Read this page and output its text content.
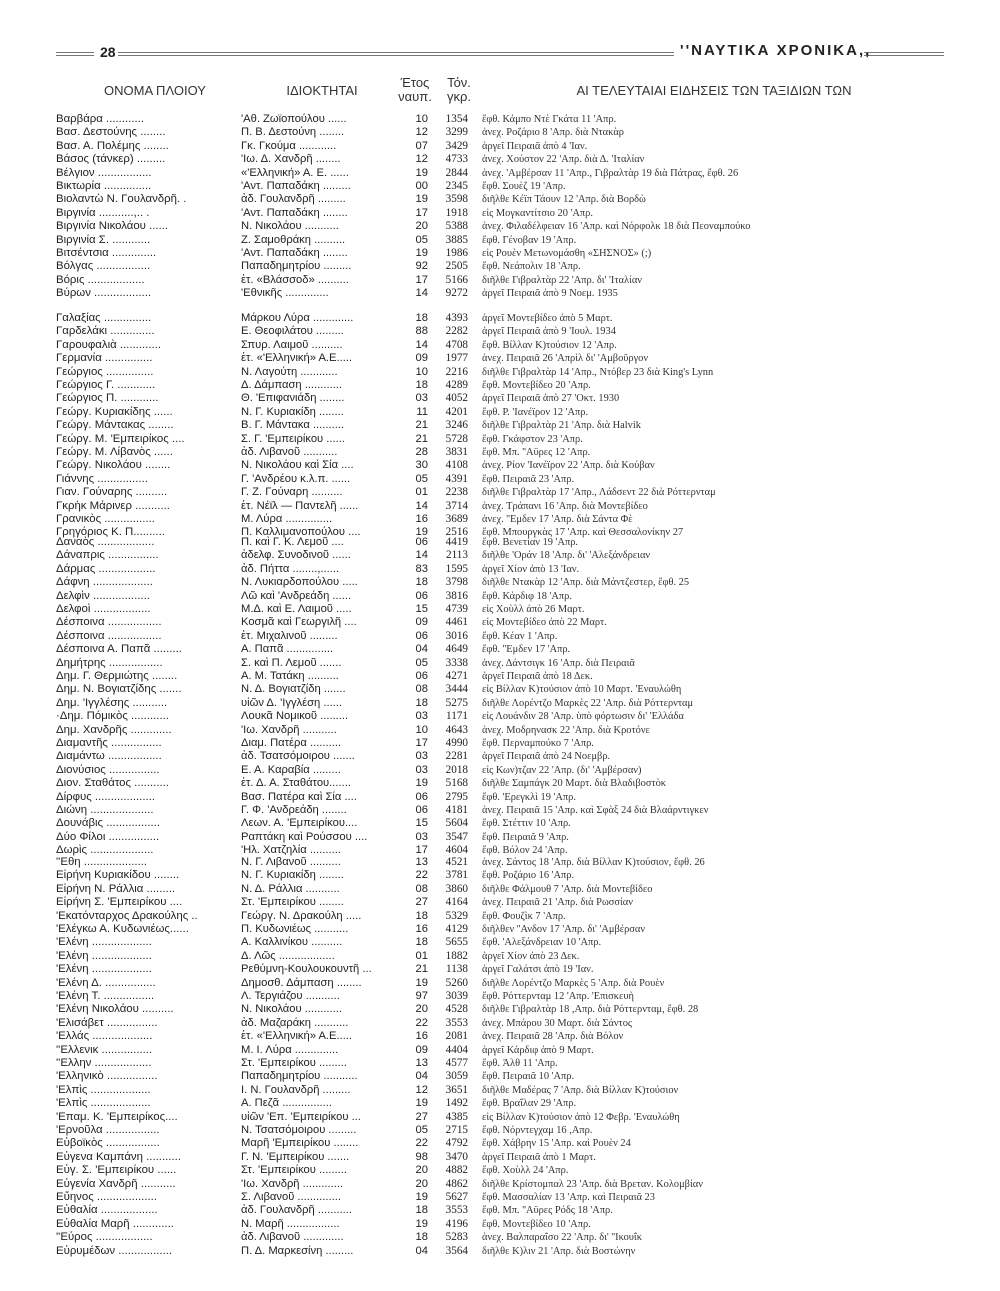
28	''ΝΑΥΤΙΚΑ ΧΡΟΝΙΚΑ,,
ΟΝΟΜΑ ΠΛΟΙΟΥ	ΙΔΙΟΚΤΗΤΑΙ
Έτος
ναυπ.
Τόν.
γκρ.	ΑΙ ΤΕΛΕΥΤΑΙΑΙ ΕΙΔΗΣΕΙΣ ΤΩΝ ΤΑΞΙΔΙΩΝ ΤΩΝ
Βαρβάρα ............	'Αθ. Ζωϊοπούλου ......	10	1354 ἔφθ. Κάμπο Ντὲ Γκάτα 11 'Απρ.
Βασ. Δεστούνης ........	Π. Β. Δεστούνη ........	12	3299 ἀνεχ. Ροζάριο 8 'Απρ. διὰ Ντακὰρ
Βασ. Α. Πολέμης ........	Γκ. Γκούμα ............	07	3429 ἀργεῖ Πειραιᾶ ἀπὸ 4 'Ιαν.
Βάσος (τάνκερ) .........	'Ιω. Δ. Χανδρῆ ........	12	4733 ἀνεχ. Χούστον 22 'Απρ. διὰ Δ. 'Ιταλίαν
Βέλγιον .................	«'Ελληνική» Α. Ε. ......	19	2844 ἀνεχ. 'Αμβέρσαν 11 'Απρ., Γιβραλτὰρ 19 διὰ Πάτρας, ἔφθ. 26
Βικτωρία ...............	'Αντ. Παπαδάκη .........	00	2345 ἔφθ. Σουὲζ 19 'Απρ.
Βιολαντὼ Ν. Γουλανδρῆ. .	ἀδ. Γουλανδρῆ .........	19	3598 διῆλθε Κέϊπ Τάουν 12 'Απρ. διὰ Βορδὼ
Βιργινία ...........,.. .	'Αντ. Παπαδάκη ........	17	1918 εἰς Μογκαντίτσιο 20 'Απρ.
Βιργινία Νικολάου ......	Ν. Νικολάου ...........	20	5388 ἀνεχ. Φιλαδέλφειαν 16 'Απρ. καὶ Νόρφολκ 18 διὰ Πεοναμπούκο
Βιργινία Σ. ............	Ζ. Σαμοθράκη ..........	05	3885 ἔφθ. Γένοβαν 19 'Απρ.
Βιτσέντσια ..............	'Αντ. Παπαδάκη ........	19	1986 εἰς Ρουὲν Μετωνομάσθη «ΣΗΣΝΟΣ» (;)
Βόλγας .................	Παπαδημητρίου .........	92	2505 ἔφθ. Νεάπολιν 18 'Απρ.
Βόρις ..................	ἐτ. «Βλάσσοδ» ..........	17	5166 διῆλθε Γιβραλτὰρ 22 'Απρ. δι' 'Ιταλίαν
Βύρων ..................	'Εθνικῆς ..............	14	9272 ἀργεῖ Πειραιᾶ ἀπὸ 9 Νοεμ. 1935
Γαλαξίας ...............	Μάρκου Λύρα .............	18	4393 ἀργεῖ Μοντεβίδεο ἀπὸ 5 Μαρτ.
Γαρδελάκι ..............	Ε. Θεοφιλάτου .........	88	2282 ἀργεῖ Πειραιᾶ ἀπὸ 9 'Ιουλ. 1934
Γαρουφαλιὰ .............	Σπυρ. Λαιμοῦ ..........	14	4708 ἔφθ. Βίλλαν Κ)τούσιον 12 'Απρ.
Γερμανία ...............	ἐτ. «'Ελληνική» Α.Ε.....	09	1977 ἀνεχ. Πειραιᾶ 26 'Απρὶλ δι' 'Αμβοῦργον
Γεώργιος ...............	Ν. Λαγούτη ............	10	2216 διῆλθε Γιβραλτὰρ 14 'Απρ., Ντόβερ 23 διὰ King's Lynn
Γεώργιος Γ. ............	Δ. Δάμπαση ............	18	4289 ἔφθ. Μοντεβίδεο 20 'Απρ.
Γεώργιος Π. ............	Θ. 'Επιφανιάδη ........	03	4052 ἀργεῖ Πειραιᾶ ἀπὸ 27 'Οκτ. 1930
Γεώργ. Κυριακίδης ......	Ν. Γ. Κυριακίδη ........	11	4201 ἔφθ. Ρ. 'Ιανέϊρον 12 'Απρ.
Γεώργ. Μάντακας ........	Β. Γ. Μάντακα ..........	21	3246 διῆλθε Γιβραλτὰρ 21 'Απρ. διὰ Halvik
Γεώργ. Μ. 'Εμπειρίκος ....	Σ. Γ. 'Εμπειρίκου ......	21	5728 ἔφθ. Γκάφστον 23 'Απρ.
Γεώργ. Μ. Λίβανὸς ......	ἀδ. Λιβανοῦ ...........	28	3831 ἔφθ. Μπ. ''Αϋρες 12 'Απρ.
Γεώργ. Νικολάου ........	Ν. Νικολάου καὶ Σία ....	30	4108 ἀνεχ. Ρίον 'Ιανέϊρον 22 'Απρ. διὰ Κούβαν
Γιάννης ................	Γ. 'Ανδρέου κ.λ.π. ......	05	4391 ἔφθ. Πειραιᾶ 23 'Απρ.
Γιαν. Γούναρης ..........	Γ. Ζ. Γούναρη ..........	01	2238 διῆλθε Γιβραλτὰρ 17 'Απρ., Λάδσεντ 22 διὰ Ρόττερνταμ
Γκρὴκ Μάρινερ ...........	ἐτ. Νέϊλ — Παντελῆ ......	14	3714 ἀνεχ. Τράπανι 16 'Απρ. διὰ Μοντεβίδεο
Γρανικὸς ................	Μ. Λύρα ...............	16	3689 ἀνεχ. ''Εμδεν 17 'Απρ. διὰ Σάντα Φὲ
Γρηγόριος Κ. Π..........	Π. Καλλιμανοπούλου ....	19	2516 ἔφθ. Μπουργκὰς 17 'Απρ. καὶ Θεσσαλονίκην 27
Δαναὸς ..................	Π. καὶ Γ. Κ. Λεμοῦ ....	06	4419 ἔφθ. Βενετίαν 19 'Απρ.
Δάναπρις ................	ἀδελφ. Συνοδινοῦ ......	14	2113 διῆλθε 'Οράν 18 'Απρ. δι' 'Αλεξάνδρειαν
Δάρμας ..................	ἀδ. Πήττα ........,......	83	1595 ἀργεῖ Χίον ἀπὸ 13 'Ιαν.
Δάφνη ...................	Ν. Λυκιαρδοπούλου .....	18	3798 διῆλθε Ντακὰρ 12 'Απρ. διὰ Μάντζεστερ, ἔφθ. 25
Δελφὶν ..................	Λῶ καὶ 'Ανδρεάδη ......	06	3816 ἔφθ. Κάρδιφ 18 'Απρ.
Δελφοὶ ..................	Μ.Δ. καὶ Ε. Λαιμοῦ .....	15	4739 εἰς Χοὺλλ ἀπὸ 26 Μαρτ.
Δέσποινα .................	Κοσμᾶ καὶ Γεωργιλῆ ....	09	4461 εἰς Μοντεβίδεο ἀπὸ 22 Μαρτ.
Δέσποινα .................	ἐτ. Μιχαλινοῦ .........	06	3016 ἔφθ. Κέαν 1 'Απρ.
Δέσποινα Α. Παπᾶ .........	Α. Παπᾶ ...............	04	4649 ἔφθ. ''Εμδεν 17 'Απρ.
Δημήτρης .................	Σ. καὶ Π. Λεμοῦ .......	05	3338 ἀνεχ. Δάντσιγκ 16 'Απρ. διὰ Πειραιᾶ
Δημ. Γ. Θερμιώτης ........	Α. Μ. Τατάκη ..........	06	4271 ἀργεῖ Πειραιᾶ ἀπὸ 18 Δεκ.
Δημ. Ν. Βογιατζίδης .......	Ν. Δ. Βογιατζίδη .......	08	3444 εἰς Βίλλαν Κ)τούσιον ἀπὸ 10 Μαρτ. 'Εναυλώθη
Δημ. 'Ιγγλέσης ...........	υἱῶν Δ. 'Ιγγλέση ......	18	5275 διῆλθε Λορέντζο Μαρκὲς 22 'Απρ. διὰ Ρόττερνταμ
·Δημ. Πόμικὸς ............	Λουκᾶ Νομικοῦ .........	03	1171 εἰς Λουάνδιν 28 'Απρ. ὑπὸ φόρτωσιν δι' 'Ελλάδα
Δημ. Χανδρῆς .............	'Ιω. Χανδρῆ ...........	10	4643 ἀνεχ. Μοδρηνασκ 22 'Απρ. διὰ Κροτόνε
Διαμαντῆς ................	Διαμ. Πατέρα ..........	17	4990 ἔφθ. Περναμπούκο 7 'Απρ.
Διαμάντω .................	ἀδ. Τσατσόμοιρου .......	03	2281 ἀργεῖ Πειραιᾶ ἀπὸ 24 Νοεμβρ.
Διονύσιος ................	Ε. Α. Καραβία .........	03	2018 εἰς Κων)τζαν 22 'Απρ. (δι' 'Αμβέρσαν)
Διον. Σταθάτος ...........	ἐτ. Δ. Α. Σταθάτου.......	19	5168 διῆλθε Σαμπάγκ 20 Μαρτ. διὰ Βλαδιβοστὸκ
Δίρφυς ...................	Βασ. Πατέρα καὶ Σία ....	06	2795 ἔφθ. 'Ερεγκλὶ 19 'Απρ.
Διώνη ....................	Γ. Φ. 'Ανδρεάδη ........	06	4181 ἀνεχ. Πειραιᾶ 15 'Απρ. καὶ Σφὰξ 24 διὰ Βλαάρντιγκεν
Δουνάβις .................	Λεων. Α. 'Εμπειρίκου....	15	5604 ἔφθ. Στέττιν 10 'Απρ.
Δύο Φίλοι ................	Ραπτάκη καὶ Ρούσσου ....	03	3547 ἔφθ. Πειραιᾶ 9 'Απρ.
Δωρὶς ....................	'Ηλ. Χατζηλία ..........	17	4604 ἔφθ. Βόλον 24 'Απρ.
''Εθη ....................	Ν. Γ. Λιβανοῦ ..........	13	4521 ἀνεχ. Σάντος 18 'Απρ. διὰ Βίλλαν Κ)τούσιον, ἔφθ. 26
Εἰρήνη Κυριακίδου ........	Ν. Γ. Κυριακίδη ........	22	3781 ἔφθ. Ροζάριο 16 'Απρ.
Εἰρήνη Ν. Ράλλια .........	Ν. Δ. Ράλλια ...........	08	3860 διῆλθε Φάλμουθ 7 'Απρ. διὰ Μοντεβίδεο
Εἰρήνη Σ. 'Εμπειρίκου ....	Στ. 'Εμπειρίκου ........	27	4164 ἀνεχ. Πειραιᾶ 21 'Απρ. διὰ Ρωσσίαν
'Εκατόνταρχος Δρακούλης ..	Γεώργ. Ν. Δρακούλη .....	18	5329 ἔφθ. Φουζὶκ 7 'Απρ.
'Ελέγκω Α. Κυδωνιέως......	Π. Κυδωνιέως ...........	16	4129 διῆλθεν ''Ανδον 17 'Απρ. δι' 'Αμβέρσαν
'Ελένη ...................	Α. Καλλινίκου ..........	18	5655 ἔφθ. 'Αλεξάνδρειαν 10 'Απρ.
'Ελένη ...................	Δ. Λῶς ..................	01	1882 ἀργεῖ Χίον ἀπὸ 23 Δεκ.
'Ελένη ...................	Ρεθύμνη-Κουλουκουντῆ ...	21	1138 ἀργεῖ Γαλάτσι ἀπὸ 19 'Ιαν.
'Ελένη Δ. ................	Δημοσθ. Δάμπαση ........	19	5260 διῆλθε Λορέντζο Μαρκὲς 5 'Απρ. διὰ Ρουὲν
'Ελένη Τ. ................	Λ. Τεργιάζου ...........	97	3039 ἔφθ. Ρόττερνταμ 12 'Απρ. 'Επισκευὴ
'Ελένη Νικολάου ..........	Ν. Νικολάου ............	20	4528 διῆλθε Γιβραλτὰρ 18 ,Απρ. διὰ Ρόττερνταμ, ἔφθ. 28
'Ελισάβετ ................	ἀδ. Μαζαράκη ...........	22	3553 ἀνεχ. Μπάρου 30 Μαρτ. διὰ Σάντος
'Ελλάς ...................	ἐτ. «'Ελληνική» Α.Ε.....	16	2081 ἀνεχ. Πειραιᾶ 28 'Απρ. διὰ Βόλον
''Ελλενικ ................	Μ. Ι. Λύρα ..............	09	4404 ἀργεῖ Κάρδιφ ἀπὸ 9 Μαρτ.
''Ελλην ..................	Στ. 'Εμπειρίκου .........	13	4577 ἔφθ. Ἀλθ 11 'Απρ.
'Ελληνικὸ ................	Παπαδημητρίου ...........	04	3059 ἔφθ. Πειραιᾶ 10 'Απρ.
'Ελπὶς ...................	Ι. Ν. Γουλανδρῆ .........	12	3651 διῆλθε Μαδέρας 7 'Απρ. διὰ Βίλλαν Κ)τούσιον
'Ελπὶς ...................	Α. Πεζᾶ ................	19	1492 ἔφθ. Βραΐλαν 29 'Απρ.
'Επαμ. Κ. 'Εμπειρίκος....	υἱῶν 'Επ. 'Εμπειρίκου ...	27	4385 εἰς Βίλλαν Κ)τούσιον ἀπὸ 12 Φεβρ. 'Εναυλώθη
'Ερνοῦλα .................	Ν. Τσατσόμοιρου .........	05	2715 ἔφθ. Νόρντεγχαμ 16 ,Απρ.
Εὐβοϊκὸς .................	Μαρῆ 'Εμπειρίκου ........	22	4792 ἔφθ. Χάβρην 15 'Απρ. καὶ Ρουὲν 24
Εὐγενα Καμπάνη ...........	Γ. Ν. 'Εμπειρίκου .......	98	3470 ἀργεῖ Πειραιᾶ ἀπὸ 1 Μαρτ.
Εὐγ. Σ. 'Εμπειρίκου ......	Στ. 'Εμπειρίκου .........	20	4882 ἔφθ. Χοὺλλ 24 'Απρ.
Εὐγενία Χανδρῆ ...........	'Ιω. Χανδρῆ .............	20	4862 διῆλθε Κρίστομπαλ 23 'Απρ. διὰ Βρεταν. Κολομβίαν
Εὔηνος ...................	Σ. Λιβανοῦ ..............	19	5627 ἔφθ. Μασσαλίαν 13 'Απρ. καὶ Πειραιᾶ 23
Εὐθαλία ..................	ἀδ. Γουλανδρῆ ...........	18	3553 ἔφθ. Μπ. ''Αϋρες Ρόδς 18 'Απρ.
Εὐθαλία Μαρῆ .............	Ν. Μαρῆ .................	19	4196 ἔφθ. Μοντεβίδεο 10 'Απρ.
''Εὖρος ..................	ἀδ. Λιβανοῦ .............	18	5283 ἀνεχ. Βαλπαραΐσο 22 'Απρ. δι' ''Ικουΐκ
Εὐρυμέδων .................	Π. Δ. Μαρκεσίνη .........	04	3564 διῆλθε Κ)λιν 21 'Απρ. διὰ Βοστώνην
